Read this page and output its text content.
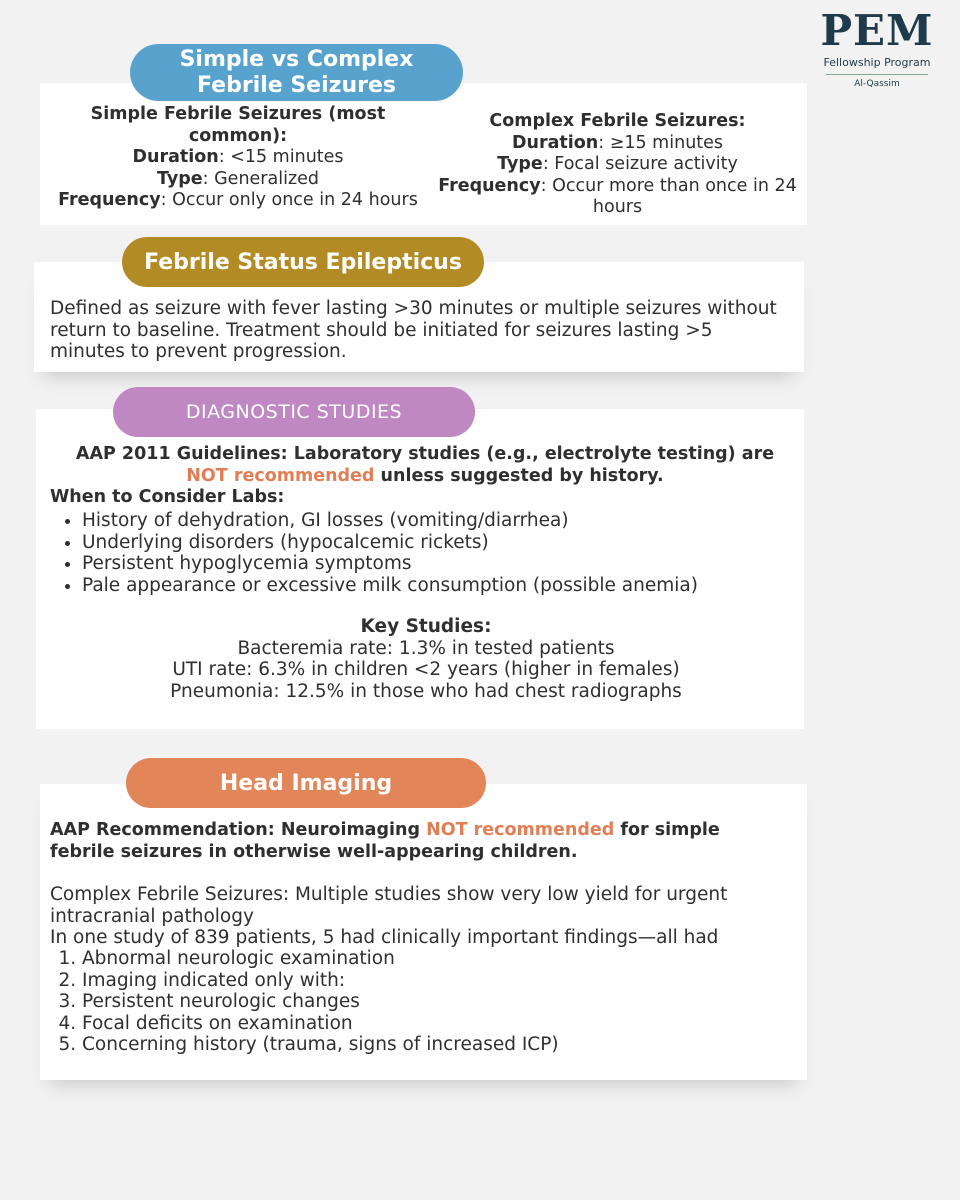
PEM
Fellowship Program
Al-Qassim
Simple vs Complex Febrile Seizures
Simple Febrile Seizures (most common):
Duration: <15 minutes
Type: Generalized
Frequency: Occur only once in 24 hours
Complex Febrile Seizures:
Duration: ≥15 minutes
Type: Focal seizure activity
Frequency: Occur more than once in 24 hours
Febrile Status Epilepticus
Defined as seizure with fever lasting >30 minutes or multiple seizures without return to baseline. Treatment should be initiated for seizures lasting >5 minutes to prevent progression.
DIAGNOSTIC STUDIES
AAP 2011 Guidelines: Laboratory studies (e.g., electrolyte testing) are NOT recommended unless suggested by history.
When to Consider Labs:
• History of dehydration, GI losses (vomiting/diarrhea)
• Underlying disorders (hypocalcemic rickets)
• Persistent hypoglycemia symptoms
• Pale appearance or excessive milk consumption (possible anemia)
Key Studies:
Bacteremia rate: 1.3% in tested patients
UTI rate: 6.3% in children <2 years (higher in females)
Pneumonia: 12.5% in those who had chest radiographs
Head Imaging
AAP Recommendation: Neuroimaging NOT recommended for simple febrile seizures in otherwise well-appearing children.
Complex Febrile Seizures: Multiple studies show very low yield for urgent intracranial pathology
In one study of 839 patients, 5 had clinically important findings—all had
1. Abnormal neurologic examination
2. Imaging indicated only with:
3. Persistent neurologic changes
4. Focal deficits on examination
5. Concerning history (trauma, signs of increased ICP)
